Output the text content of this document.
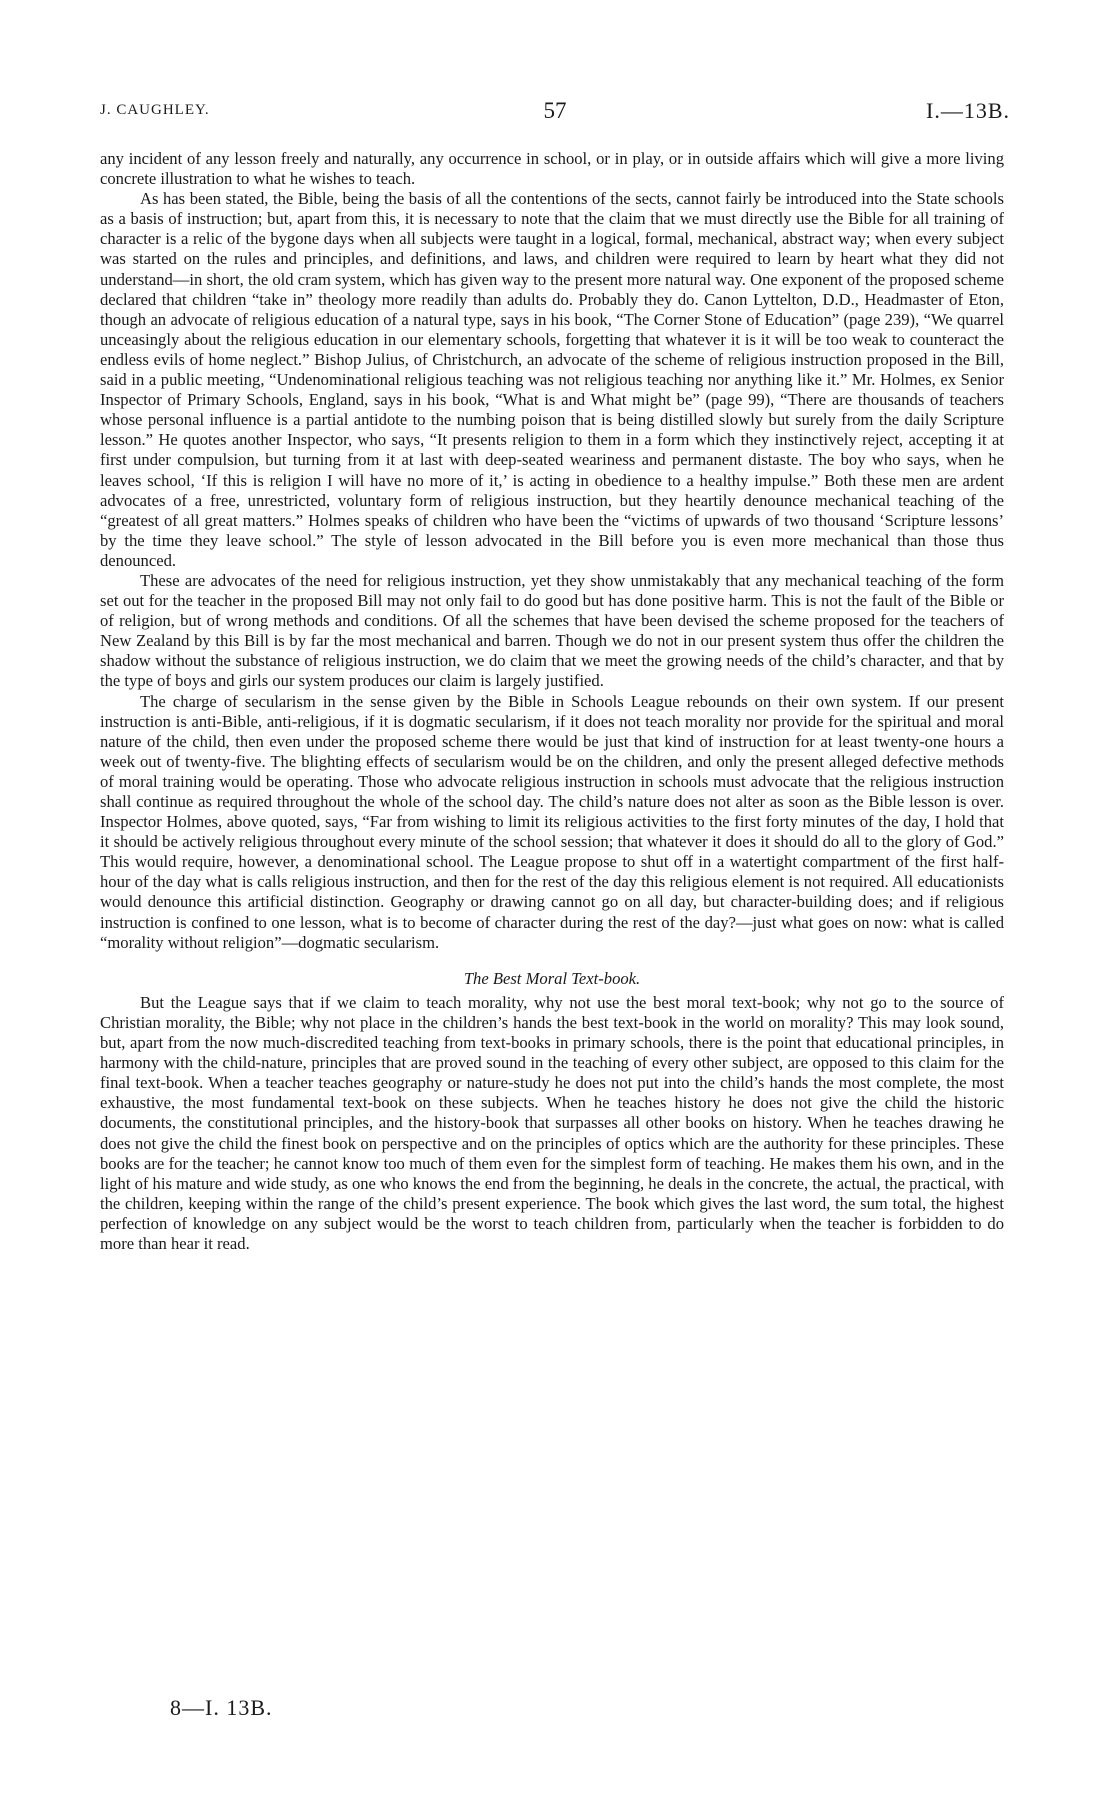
J. CAUGHLEY.	57	I.—13B.

any incident of any lesson freely and naturally, any occurrence in school, or in play, or in outside affairs which will give a more living concrete illustration to what he wishes to teach.

As has been stated, the Bible, being the basis of all the contentions of the sects, cannot fairly be introduced into the State schools as a basis of instruction; but, apart from this, it is necessary to note that the claim that we must directly use the Bible for all training of character is a relic of the bygone days when all subjects were taught in a logical, formal, mechanical, abstract way; when every subject was started on the rules and principles, and definitions, and laws, and children were required to learn by heart what they did not understand—in short, the old cram system, which has given way to the present more natural way. One exponent of the proposed scheme declared that children “take in” theology more readily than adults do. Probably they do. Canon Lyttelton, D.D., Headmaster of Eton, though an advocate of religious education of a natural type, says in his book, “The Corner Stone of Education” (page 239), “We quarrel unceasingly about the religious education in our elementary schools, forgetting that whatever it is it will be too weak to counteract the endless evils of home neglect.” Bishop Julius, of Christchurch, an advocate of the scheme of religious instruction proposed in the Bill, said in a public meeting, “Undenominational religious teaching was not religious teaching nor anything like it.” Mr. Holmes, ex Senior Inspector of Primary Schools, England, says in his book, “What is and What might be” (page 99), “There are thousands of teachers whose personal influence is a partial antidote to the numbing poison that is being distilled slowly but surely from the daily Scripture lesson.” He quotes another Inspector, who says, “It presents religion to them in a form which they instinctively reject, accepting it at first under compulsion, but turning from it at last with deep-seated weariness and permanent distaste. The boy who says, when he leaves school, ‘If this is religion I will have no more of it,’ is acting in obedience to a healthy impulse.” Both these men are ardent advocates of a free, unrestricted, voluntary form of religious instruction, but they heartily denounce mechanical teaching of the “greatest of all great matters.” Holmes speaks of children who have been the “victims of upwards of two thousand ‘Scripture lessons’ by the time they leave school.” The style of lesson advocated in the Bill before you is even more mechanical than those thus denounced.

These are advocates of the need for religious instruction, yet they show unmistakably that any mechanical teaching of the form set out for the teacher in the proposed Bill may not only fail to do good but has done positive harm. This is not the fault of the Bible or of religion, but of wrong methods and conditions. Of all the schemes that have been devised the scheme proposed for the teachers of New Zealand by this Bill is by far the most mechanical and barren. Though we do not in our present system thus offer the children the shadow without the substance of religious instruction, we do claim that we meet the growing needs of the child’s character, and that by the type of boys and girls our system produces our claim is largely justified.

The charge of secularism in the sense given by the Bible in Schools League rebounds on their own system. If our present instruction is anti-Bible, anti-religious, if it is dogmatic secularism, if it does not teach morality nor provide for the spiritual and moral nature of the child, then even under the proposed scheme there would be just that kind of instruction for at least twenty-one hours a week out of twenty-five. The blighting effects of secularism would be on the children, and only the present alleged defective methods of moral training would be operating. Those who advocate religious instruction in schools must advocate that the religious instruction shall continue as required throughout the whole of the school day. The child’s nature does not alter as soon as the Bible lesson is over. Inspector Holmes, above quoted, says, “Far from wishing to limit its religious activities to the first forty minutes of the day, I hold that it should be actively religious throughout every minute of the school session; that whatever it does it should do all to the glory of God.” This would require, however, a denominational school. The League propose to shut off in a watertight compartment of the first half-hour of the day what is calls religious instruction, and then for the rest of the day this religious element is not required. All educationists would denounce this artificial distinction. Geography or drawing cannot go on all day, but character-building does; and if religious instruction is confined to one lesson, what is to become of character during the rest of the day?—just what goes on now: what is called “morality without religion”—dogmatic secularism.

The Best Moral Text-book.

But the League says that if we claim to teach morality, why not use the best moral text-book; why not go to the source of Christian morality, the Bible; why not place in the children’s hands the best text-book in the world on morality? This may look sound, but, apart from the now much-discredited teaching from text-books in primary schools, there is the point that educational principles, in harmony with the child-nature, principles that are proved sound in the teaching of every other subject, are opposed to this claim for the final text-book. When a teacher teaches geography or nature-study he does not put into the child’s hands the most complete, the most exhaustive, the most fundamental text-book on these subjects. When he teaches history he does not give the child the historic documents, the constitutional principles, and the history-book that surpasses all other books on history. When he teaches drawing he does not give the child the finest book on perspective and on the principles of optics which are the authority for these principles. These books are for the teacher; he cannot know too much of them even for the simplest form of teaching. He makes them his own, and in the light of his mature and wide study, as one who knows the end from the beginning, he deals in the concrete, the actual, the practical, with the children, keeping within the range of the child’s present experience. The book which gives the last word, the sum total, the highest perfection of knowledge on any subject would be the worst to teach children from, particularly when the teacher is forbidden to do more than hear it read.

8—I. 13B.
